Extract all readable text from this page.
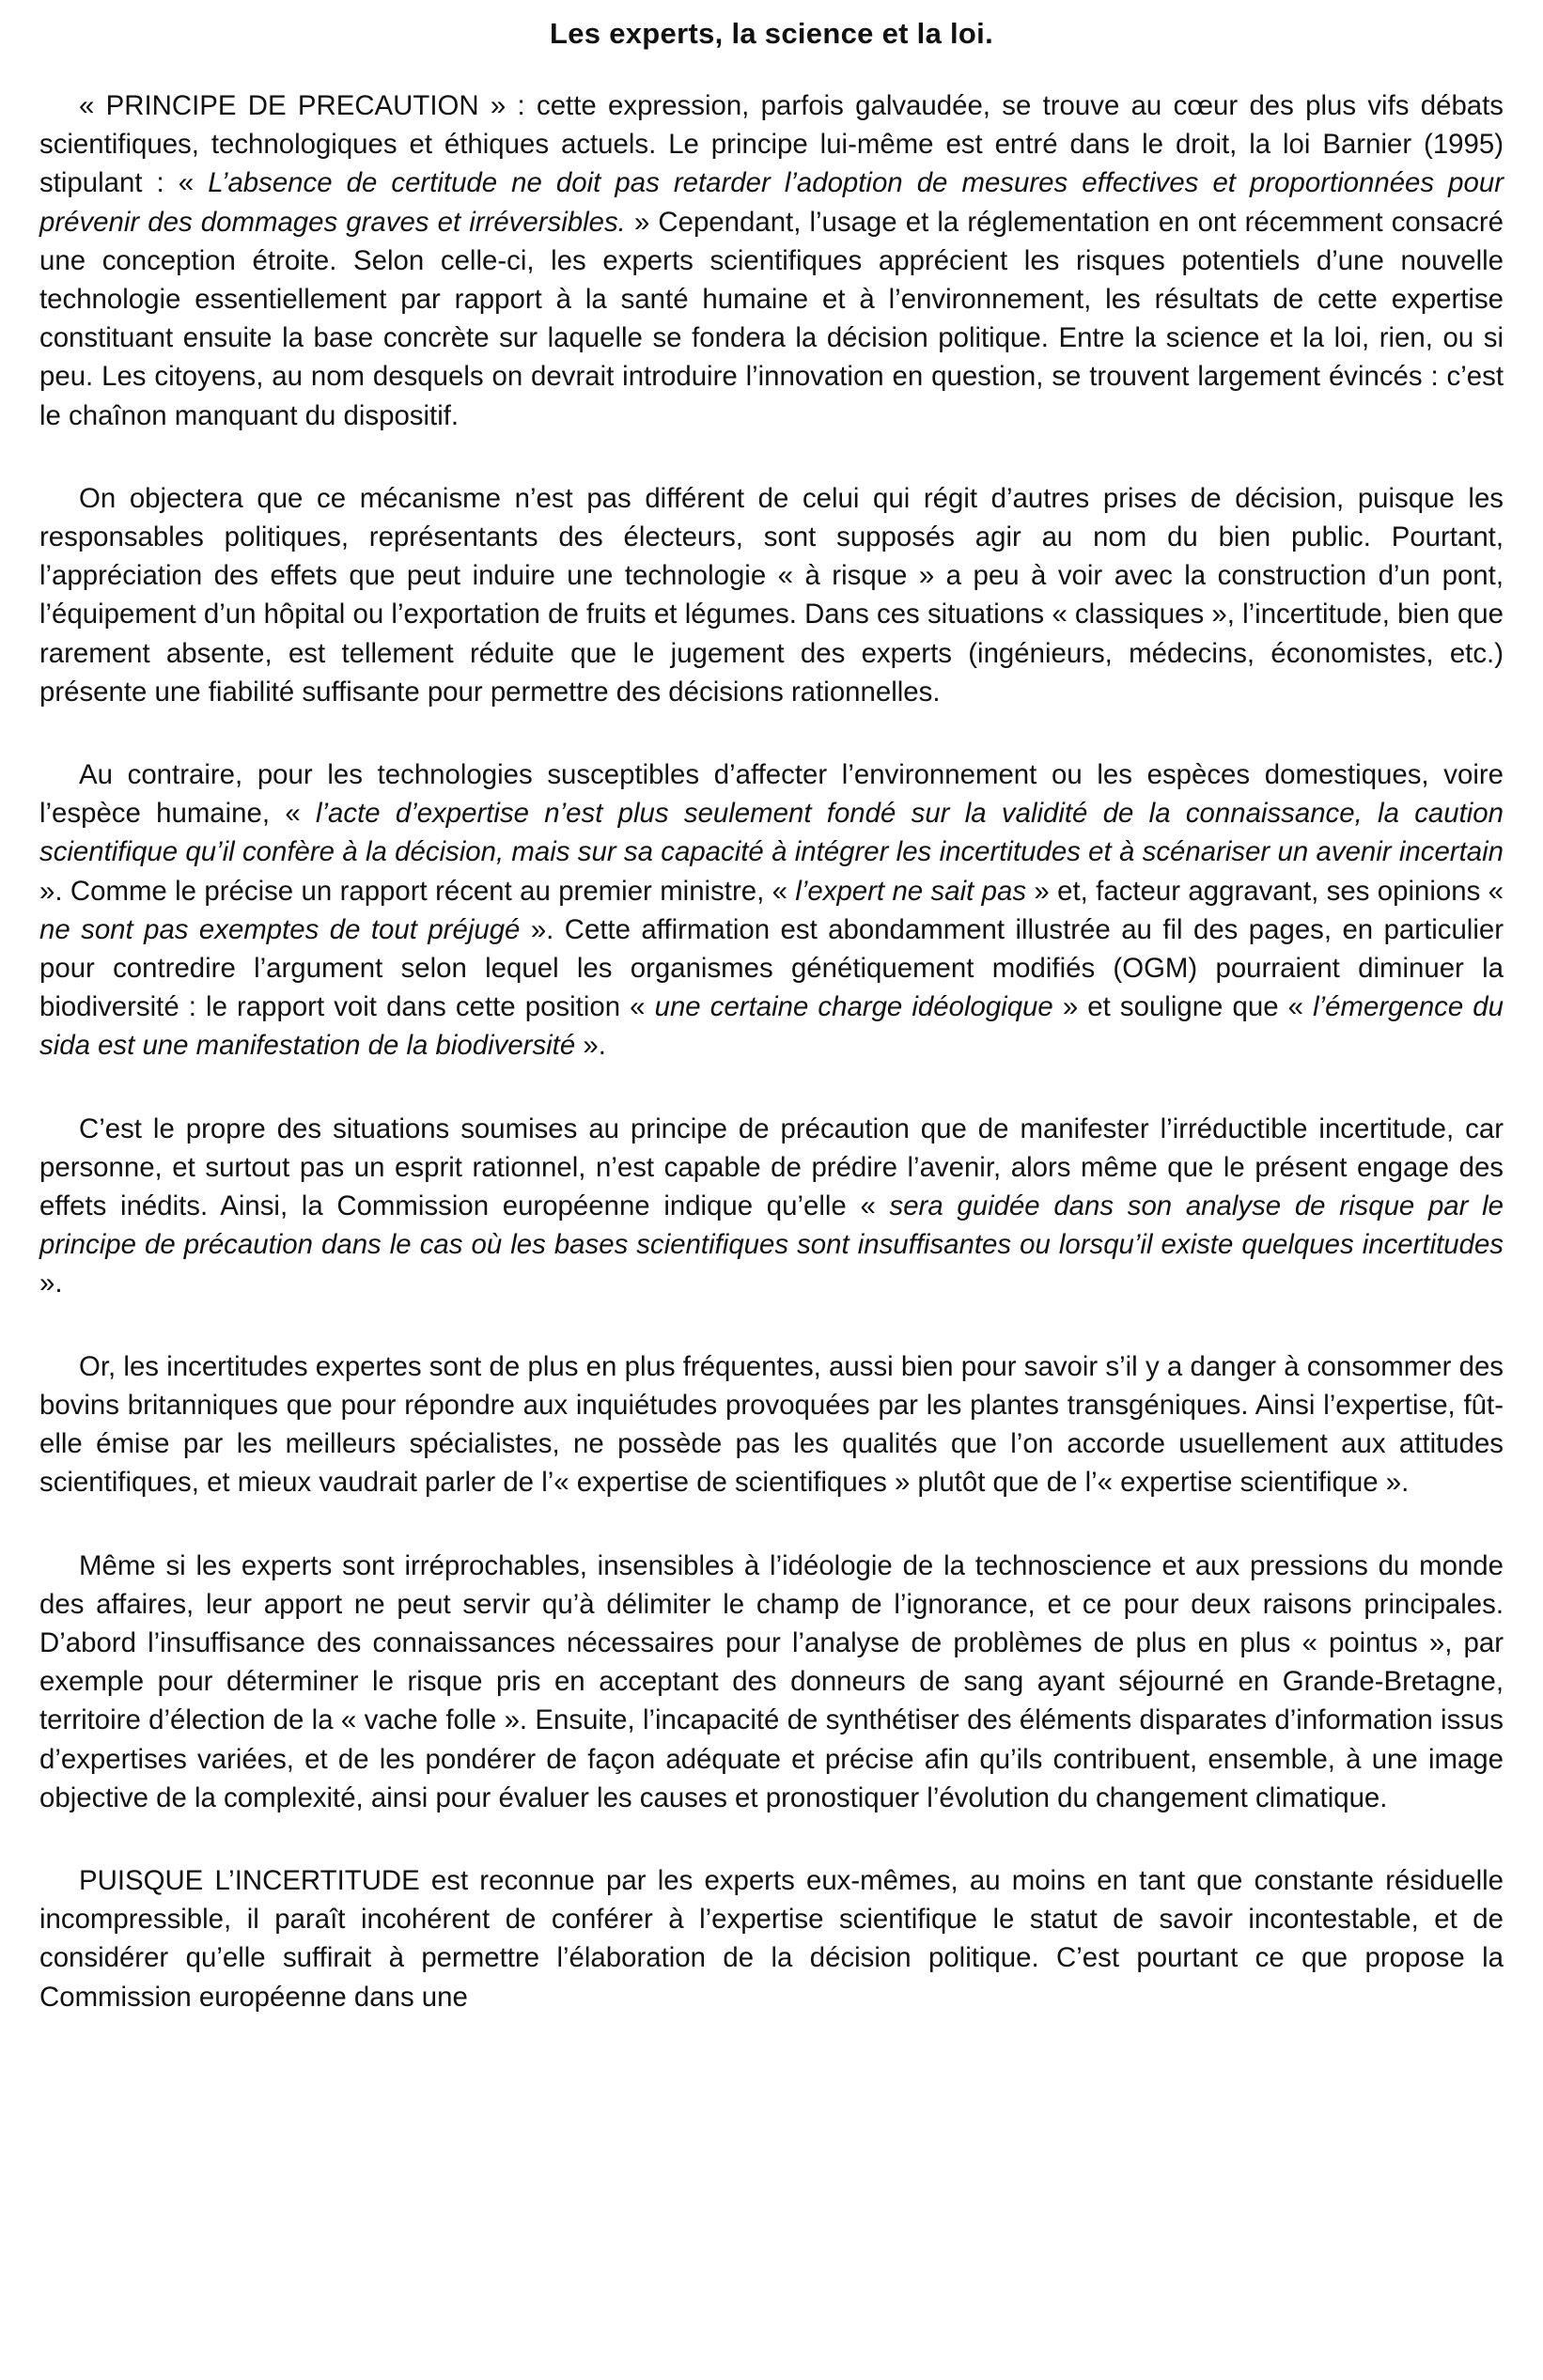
Les experts, la science et la loi.

« PRINCIPE DE PRECAUTION » : cette expression, parfois galvaudée, se trouve au cœur des plus vifs débats scientifiques, technologiques et éthiques actuels. Le principe lui-même est entré dans le droit, la loi Barnier (1995) stipulant : « L’absence de certitude ne doit pas retarder l’adoption de mesures effectives et proportionnées pour prévenir des dommages graves et irréversibles. » Cependant, l’usage et la réglementation en ont récemment consacré une conception étroite. Selon celle-ci, les experts scientifiques apprécient les risques potentiels d’une nouvelle technologie essentiellement par rapport à la santé humaine et à l’environnement, les résultats de cette expertise constituant ensuite la base concrète sur laquelle se fondera la décision politique. Entre la science et la loi, rien, ou si peu. Les citoyens, au nom desquels on devrait introduire l’innovation en question, se trouvent largement évincés : c’est le chaînon manquant du dispositif.

On objectera que ce mécanisme n’est pas différent de celui qui régit d’autres prises de décision, puisque les responsables politiques, représentants des électeurs, sont supposés agir au nom du bien public. Pourtant, l’appréciation des effets que peut induire une technologie « à risque » a peu à voir avec la construction d’un pont, l’équipement d’un hôpital ou l’exportation de fruits et légumes. Dans ces situations « classiques », l’incertitude, bien que rarement absente, est tellement réduite que le jugement des experts (ingénieurs, médecins, économistes, etc.) présente une fiabilité suffisante pour permettre des décisions rationnelles.

Au contraire, pour les technologies susceptibles d’affecter l’environnement ou les espèces domestiques, voire l’espèce humaine, « l’acte d’expertise n’est plus seulement fondé sur la validité de la connaissance, la caution scientifique qu’il confère à la décision, mais sur sa capacité à intégrer les incertitudes et à scénariser un avenir incertain ». Comme le précise un rapport récent au premier ministre, « l’expert ne sait pas » et, facteur aggravant, ses opinions « ne sont pas exemptes de tout préjugé ». Cette affirmation est abondamment illustrée au fil des pages, en particulier pour contredire l’argument selon lequel les organismes génétiquement modifiés (OGM) pourraient diminuer la biodiversité : le rapport voit dans cette position « une certaine charge idéologique » et souligne que « l’émergence du sida est une manifestation de la biodiversité ».

C’est le propre des situations soumises au principe de précaution que de manifester l’irréductible incertitude, car personne, et surtout pas un esprit rationnel, n’est capable de prédire l’avenir, alors même que le présent engage des effets inédits. Ainsi, la Commission européenne indique qu’elle « sera guidée dans son analyse de risque par le principe de précaution dans le cas où les bases scientifiques sont insuffisantes ou lorsqu’il existe quelques incertitudes ».

Or, les incertitudes expertes sont de plus en plus fréquentes, aussi bien pour savoir s’il y a danger à consommer des bovins britanniques que pour répondre aux inquiétudes provoquées par les plantes transgéniques. Ainsi l’expertise, fût-elle émise par les meilleurs spécialistes, ne possède pas les qualités que l’on accorde usuellement aux attitudes scientifiques, et mieux vaudrait parler de l’« expertise de scientifiques » plutôt que de l’« expertise scientifique ».

Même si les experts sont irréprochables, insensibles à l’idéologie de la technoscience et aux pressions du monde des affaires, leur apport ne peut servir qu’à délimiter le champ de l’ignorance, et ce pour deux raisons principales. D’abord l’insuffisance des connaissances nécessaires pour l’analyse de problèmes de plus en plus « pointus », par exemple pour déterminer le risque pris en acceptant des donneurs de sang ayant séjourné en Grande-Bretagne, territoire d’élection de la « vache folle ». Ensuite, l’incapacité de synthétiser des éléments disparates d’information issus d’expertises variées, et de les pondérer de façon adéquate et précise afin qu’ils contribuent, ensemble, à une image objective de la complexité, ainsi pour évaluer les causes et pronostiquer l’évolution du changement climatique.

PUISQUE L’INCERTITUDE est reconnue par les experts eux-mêmes, au moins en tant que constante résiduelle incompressible, il paraît incohérent de conférer à l’expertise scientifique le statut de savoir incontestable, et de considérer qu’elle suffirait à permettre l’élaboration de la décision politique. C’est pourtant ce que propose la Commission européenne dans une
